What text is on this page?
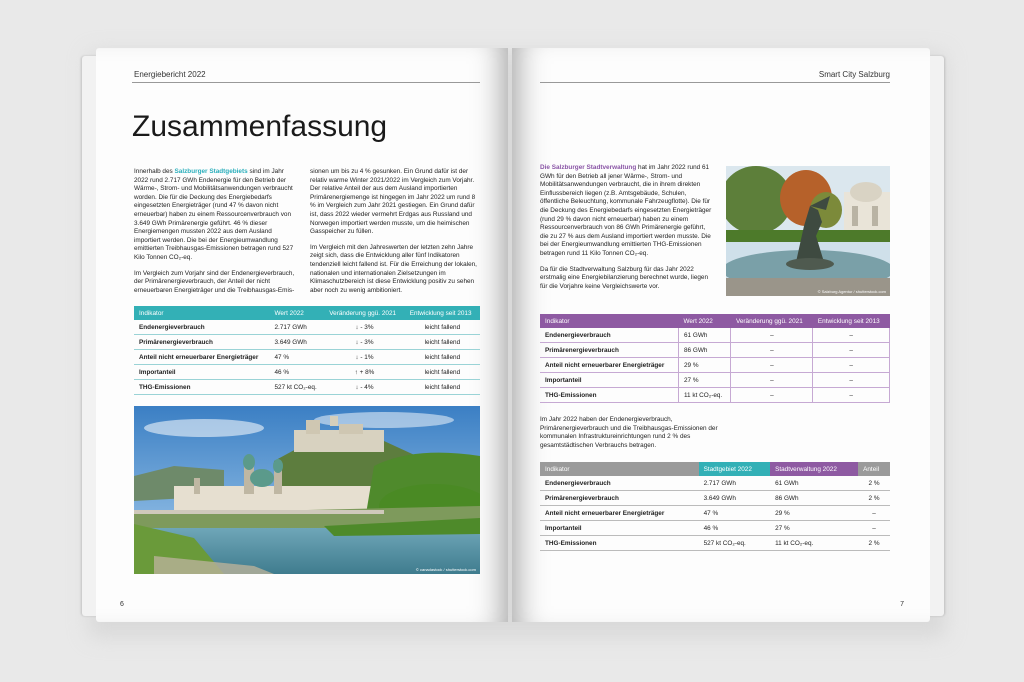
Energiebericht 2022
Zusammenfassung

Innerhalb des Salzburger Stadtgebiets sind im Jahr 2022 rund 2.717 GWh Endenergie für den Betrieb der Wärme-, Strom- und Mobilitätsanwendungen verbraucht worden. Die für die Deckung des Energiebedarfs eingesetzten Energieträger (rund 47 % davon nicht erneuerbar) haben zu einem Ressourcenverbrauch von 3.649 GWh Primärenergie geführt. 46 % dieser Energiemengen mussten 2022 aus dem Ausland importiert werden. Die bei der Energieumwandlung emittierten Treibhausgas-Emissionen betragen rund 527 Kilo Tonnen CO₂-eq.

Im Vergleich zum Vorjahr sind der Endenergieverbrauch, der Primärenergieverbrauch, der Anteil der nicht erneuerbaren Energieträger und die Treibhausgas-Emis-

sionen um bis zu 4 % gesunken. Ein Grund dafür ist der relativ warme Winter 2021/2022 im Vergleich zum Vorjahr. Der relative Anteil der aus dem Ausland importierten Primärenergiemenge ist hingegen im Jahr 2022 um rund 8 % im Vergleich zum Jahr 2021 gestiegen. Ein Grund dafür ist, dass 2022 wieder vermehrt Erdgas aus Russland und Norwegen importiert werden musste, um die heimischen Gasspeicher zu füllen.

Im Vergleich mit den Jahreswerten der letzten zehn Jahre zeigt sich, dass die Entwicklung aller fünf Indikatoren tendenziell leicht fallend ist. Für die Erreichung der lokalen, nationalen und internationalen Zielsetzungen im Klimaschutzbereich ist diese Entwicklung positiv zu sehen aber noch zu wenig ambitioniert.

Indikator	Wert 2022	Veränderung ggü. 2021	Entwicklung seit 2013
Endenergieverbrauch	2.717 GWh	↓ - 3%	leicht fallend
Primärenergieverbrauch	3.649 GWh	↓ - 3%	leicht fallend
Anteil nicht erneuerbarer Energieträger	47 %	↓ - 1%	leicht fallend
Importanteil	46 %	↑ + 8%	leicht fallend
THG-Emissionen	527 kt CO₂-eq.	↓ - 4%	leicht fallend
© canadastock / shutterstock.com
6
Smart City Salzburg

Die Salzburger Stadtverwaltung hat im Jahr 2022 rund 61 GWh für den Betrieb all jener Wärme-, Strom- und Mobilitätsanwendungen verbraucht, die in ihrem direkten Einflussbereich liegen (z.B. Amtsgebäude, Schulen, öffentliche Beleuchtung, kommunale Fahrzeugflotte). Die für die Deckung des Energiebedarfs eingesetzten Energieträger (rund 29 % davon nicht erneuerbar) haben zu einem Ressourcenverbrauch von 86 GWh Primärenergie geführt, die zu 27 % aus dem Ausland importiert werden musste. Die bei der Energieumwandlung emittierten THG-Emissionen betragen rund 11 Kilo Tonnen CO₂-eq.

Da für die Stadtverwaltung Salzburg für das Jahr 2022 erstmalig eine Energiebilanzierung berechnet wurde, liegen für die Vorjahre keine Vergleichswerte vor.

© Salzburg Agentur / shutterstock.com
Indikator	Wert 2022	Veränderung ggü. 2021	Entwicklung seit 2013
Endenergieverbrauch	61 GWh	–	–
Primärenergieverbrauch	86 GWh	–	–
Anteil nicht erneuerbarer Energieträger	29 %	–	–
Importanteil	27 %	–	–
THG-Emissionen	11 kt CO₂-eq.	–	–

Im Jahr 2022 haben der Endenergieverbrauch, Primärenergieverbrauch und die Treibhausgas-Emissionen der kommunalen Infrastruktureinrichtungen rund 2 % des gesamtstädtischen Verbrauchs betragen.

Indikator	Stadtgebiet 2022	Stadtverwaltung 2022	Anteil
Endenergieverbrauch	2.717 GWh	61 GWh	2 %
Primärenergieverbrauch	3.649 GWh	86 GWh	2 %
Anteil nicht erneuerbarer Energieträger	47 %	29 %	–
Importanteil	46 %	27 %	–
THG-Emissionen	527 kt CO₂-eq.	11 kt CO₂-eq.	2 %
7
